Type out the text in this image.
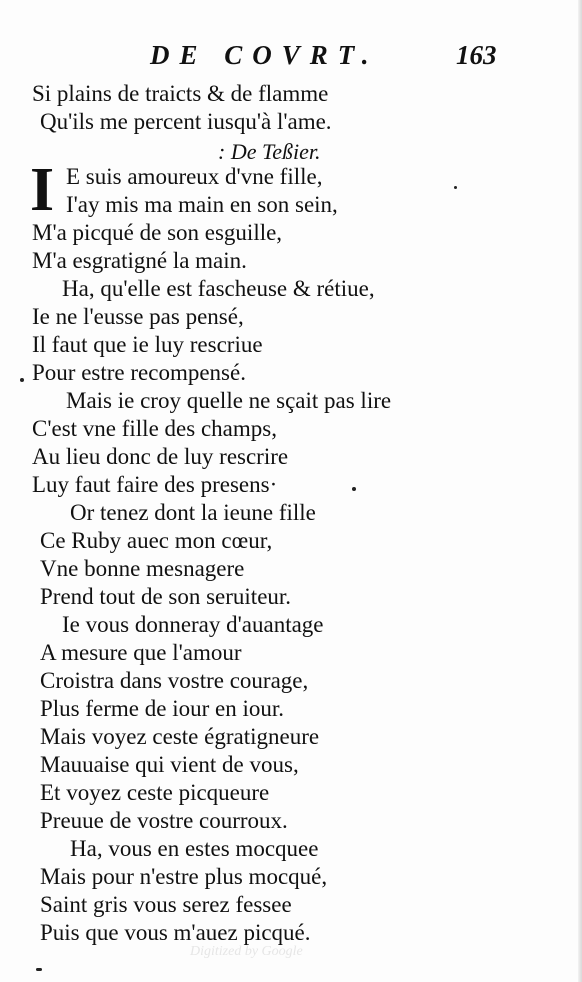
DE COVRT.	163
Si plains de traicts & de flamme
Qu'ils me percent iusqu'à l'ame.
: De Teßier.
I E suis amoureux d'vne fille,
I'ay mis ma main en son sein,
M'a picqué de son esguille,
M'a esgratigné la main.
Ha, qu'elle est fascheuse & rétiue,
Ie ne l'eusse pas pensé,
Il faut que ie luy rescriue
Pour estre recompensé.
Mais ie croy quelle ne sçait pas lire
C'est vne fille des champs,
Au lieu donc de luy rescrire
Luy faut faire des presens·
Or tenez dont la ieune fille
Ce Ruby auec mon cœur,
Vne bonne mesnagere
Prend tout de son seruiteur.
Ie vous donneray d'auantage
A mesure que l'amour
Croistra dans vostre courage,
Plus ferme de iour en iour.
Mais voyez ceste égratigneure
Mauuaise qui vient de vous,
Et voyez ceste picqueure
Preuue de vostre courroux.
Ha, vous en estes mocquee
Mais pour n'estre plus mocqué,
Saint gris vous serez fessee
Puis que vous m'auez picqué.
Digitized by Google
